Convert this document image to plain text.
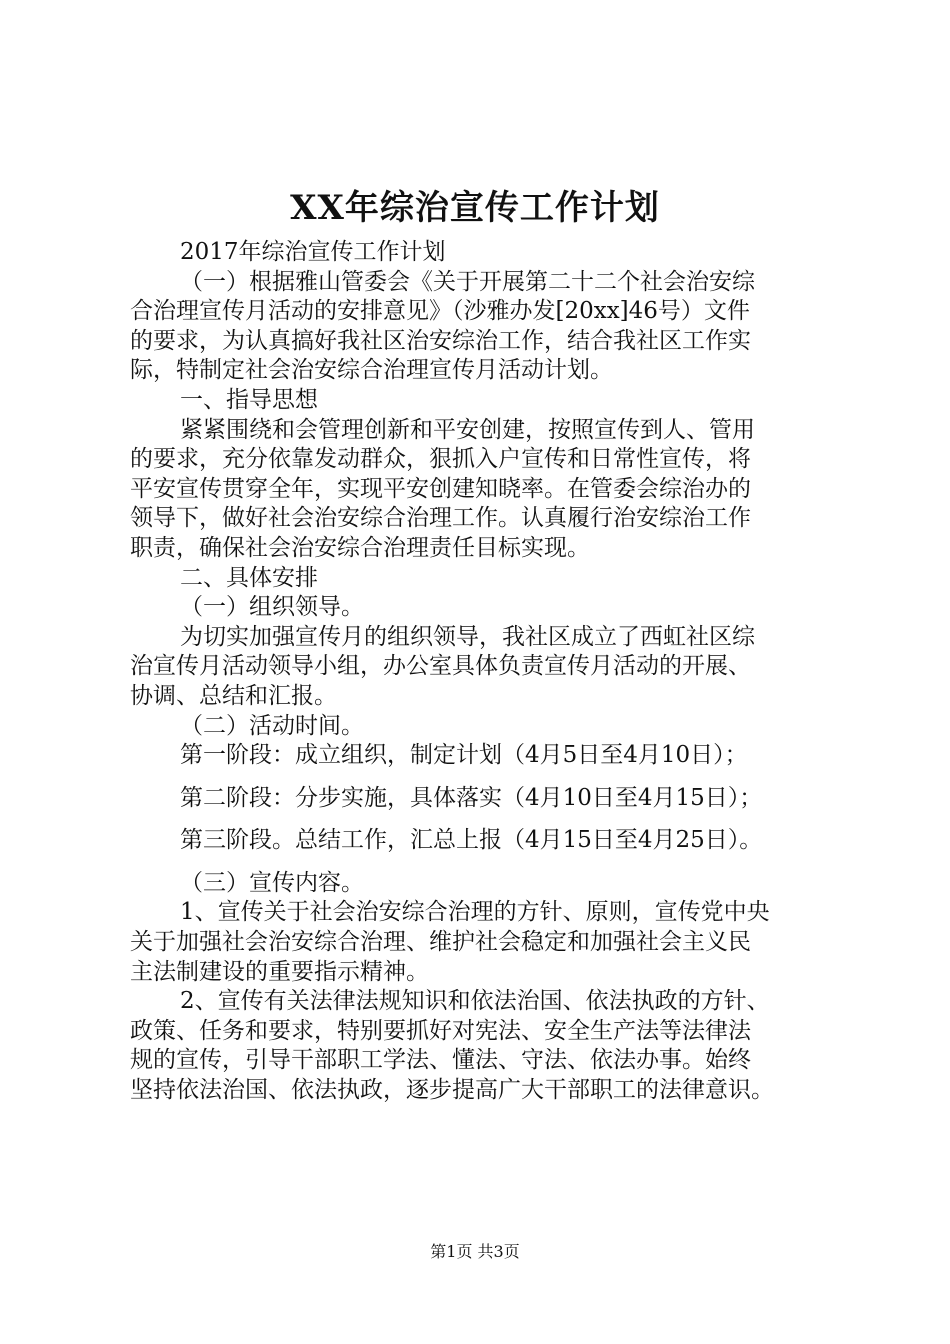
XX年综治宣传工作计划

2017年综治宣传工作计划

（一）根据雅山管委会《关于开展第二十二个社会治安综

合治理宣传月活动的安排意见》（沙雅办发[20xx]46号）文件

的要求，为认真搞好我社区治安综治工作，结合我社区工作实

际，特制定社会治安综合治理宣传月活动计划。

一、指导思想

紧紧围绕和会管理创新和平安创建，按照宣传到人、管用

的要求，充分依靠发动群众，狠抓入户宣传和日常性宣传，将

平安宣传贯穿全年，实现平安创建知晓率。在管委会综治办的

领导下，做好社会治安综合治理工作。认真履行治安综治工作

职责，确保社会治安综合治理责任目标实现。

二、具体安排

（一）组织领导。

为切实加强宣传月的组织领导，我社区成立了西虹社区综

治宣传月活动领导小组，办公室具体负责宣传月活动的开展、

协调、总结和汇报。

（二）活动时间。

第一阶段：成立组织，制定计划（4月5日至4月10日）；

第二阶段：分步实施，具体落实（4月10日至4月15日）；

第三阶段。总结工作，汇总上报（4月15日至4月25日）。

（三）宣传内容。

1、宣传关于社会治安综合治理的方针、原则，宣传党中央

关于加强社会治安综合治理、维护社会稳定和加强社会主义民

主法制建设的重要指示精神。

2、宣传有关法律法规知识和依法治国、依法执政的方针、

政策、任务和要求，特别要抓好对宪法、安全生产法等法律法

规的宣传，引导干部职工学法、懂法、守法、依法办事。始终

坚持依法治国、依法执政，逐步提高广大干部职工的法律意识。

第1页 共3页
